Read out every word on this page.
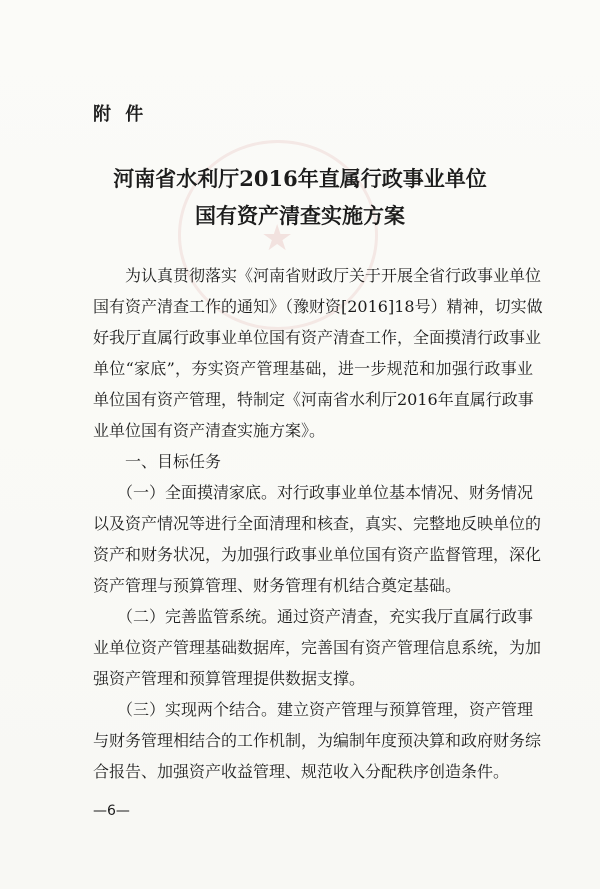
★
附 件
河南省水利厅2016年直属行政事业单位
国有资产清查实施方案
　　为认真贯彻落实《河南省财政厅关于开展全省行政事业单位
国有资产清查工作的通知》（豫财资[2016]18号）精神，切实做
好我厅直属行政事业单位国有资产清查工作，全面摸清行政事业
单位“家底”，夯实资产管理基础，进一步规范和加强行政事业
单位国有资产管理，特制定《河南省水利厅2016年直属行政事
业单位国有资产清查实施方案》。
　　一、目标任务
　　（一）全面摸清家底。对行政事业单位基本情况、财务情况
以及资产情况等进行全面清理和核查，真实、完整地反映单位的
资产和财务状况，为加强行政事业单位国有资产监督管理，深化
资产管理与预算管理、财务管理有机结合奠定基础。
　　（二）完善监管系统。通过资产清查，充实我厅直属行政事
业单位资产管理基础数据库，完善国有资产管理信息系统，为加
强资产管理和预算管理提供数据支撑。
　　（三）实现两个结合。建立资产管理与预算管理，资产管理
与财务管理相结合的工作机制，为编制年度预决算和政府财务综
合报告、加强资产收益管理、规范收入分配秩序创造条件。
—6—
